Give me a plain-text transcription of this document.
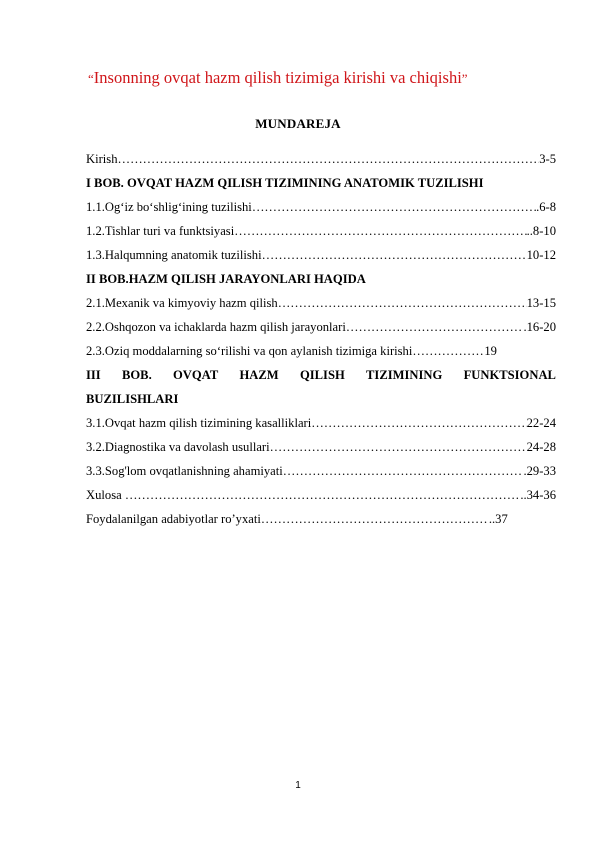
“Insonning ovqat hazm qilish tizimiga kirishi va chiqishi”
MUNDAREJA
Kirish ……………………………………………………………………………………………………………………………………………………………………	3-5
I BOB. OVQAT HAZM QILISH TIZIMINING ANATOMIK TUZILISHI
1.1.Og‘iz bo‘shlig‘ining tuzilishi ……………………………………………………………………………………………………………………………………………………………………	.6-8
1.2.Tishlar turi va funktsiyasi ……………………………………………………………………………………………………………………………………………………………………	..8-10
1.3.Halqumning anatomik tuzilishi ……………………………………………………………………………………………………………………………………………………………………	10-12
II BOB.HAZM QILISH JARAYONLARI HAQIDA
2.1.Mexanik va kimyoviy hazm qilish ……………………………………………………………………………………………………………………………………………………………………	13-15
2.2.Oshqozon va ichaklarda hazm qilish jarayonlari ……………………………………………………………………………………………………………………………………………………………………	.16-20
2.3.Oziq moddalarning so‘rilishi va qon aylanish tizimiga kirishi ……………………………………………………………………………………………………………………………………………………………………	19
III BOB. OVQAT HAZM QILISH TIZIMINING FUNKTSIONAL
BUZILISHLARI
3.1.Ovqat hazm qilish tizimining kasalliklari ……………………………………………………………………………………………………………………………………………………………………	22-24
3.2.Diagnostika va davolash usullari ……………………………………………………………………………………………………………………………………………………………………	24-28
3.3.Sog'lom ovqatlanishning ahamiyati ……………………………………………………………………………………………………………………………………………………………………	.29-33
Xulosa ……………………………………………………………………………………………………………………………………………………………………	..34-36
Foydalanilgan adabiyotlar ro’yxati ……………………………………………………………………………………………………………………………………………………………………	..37
1
